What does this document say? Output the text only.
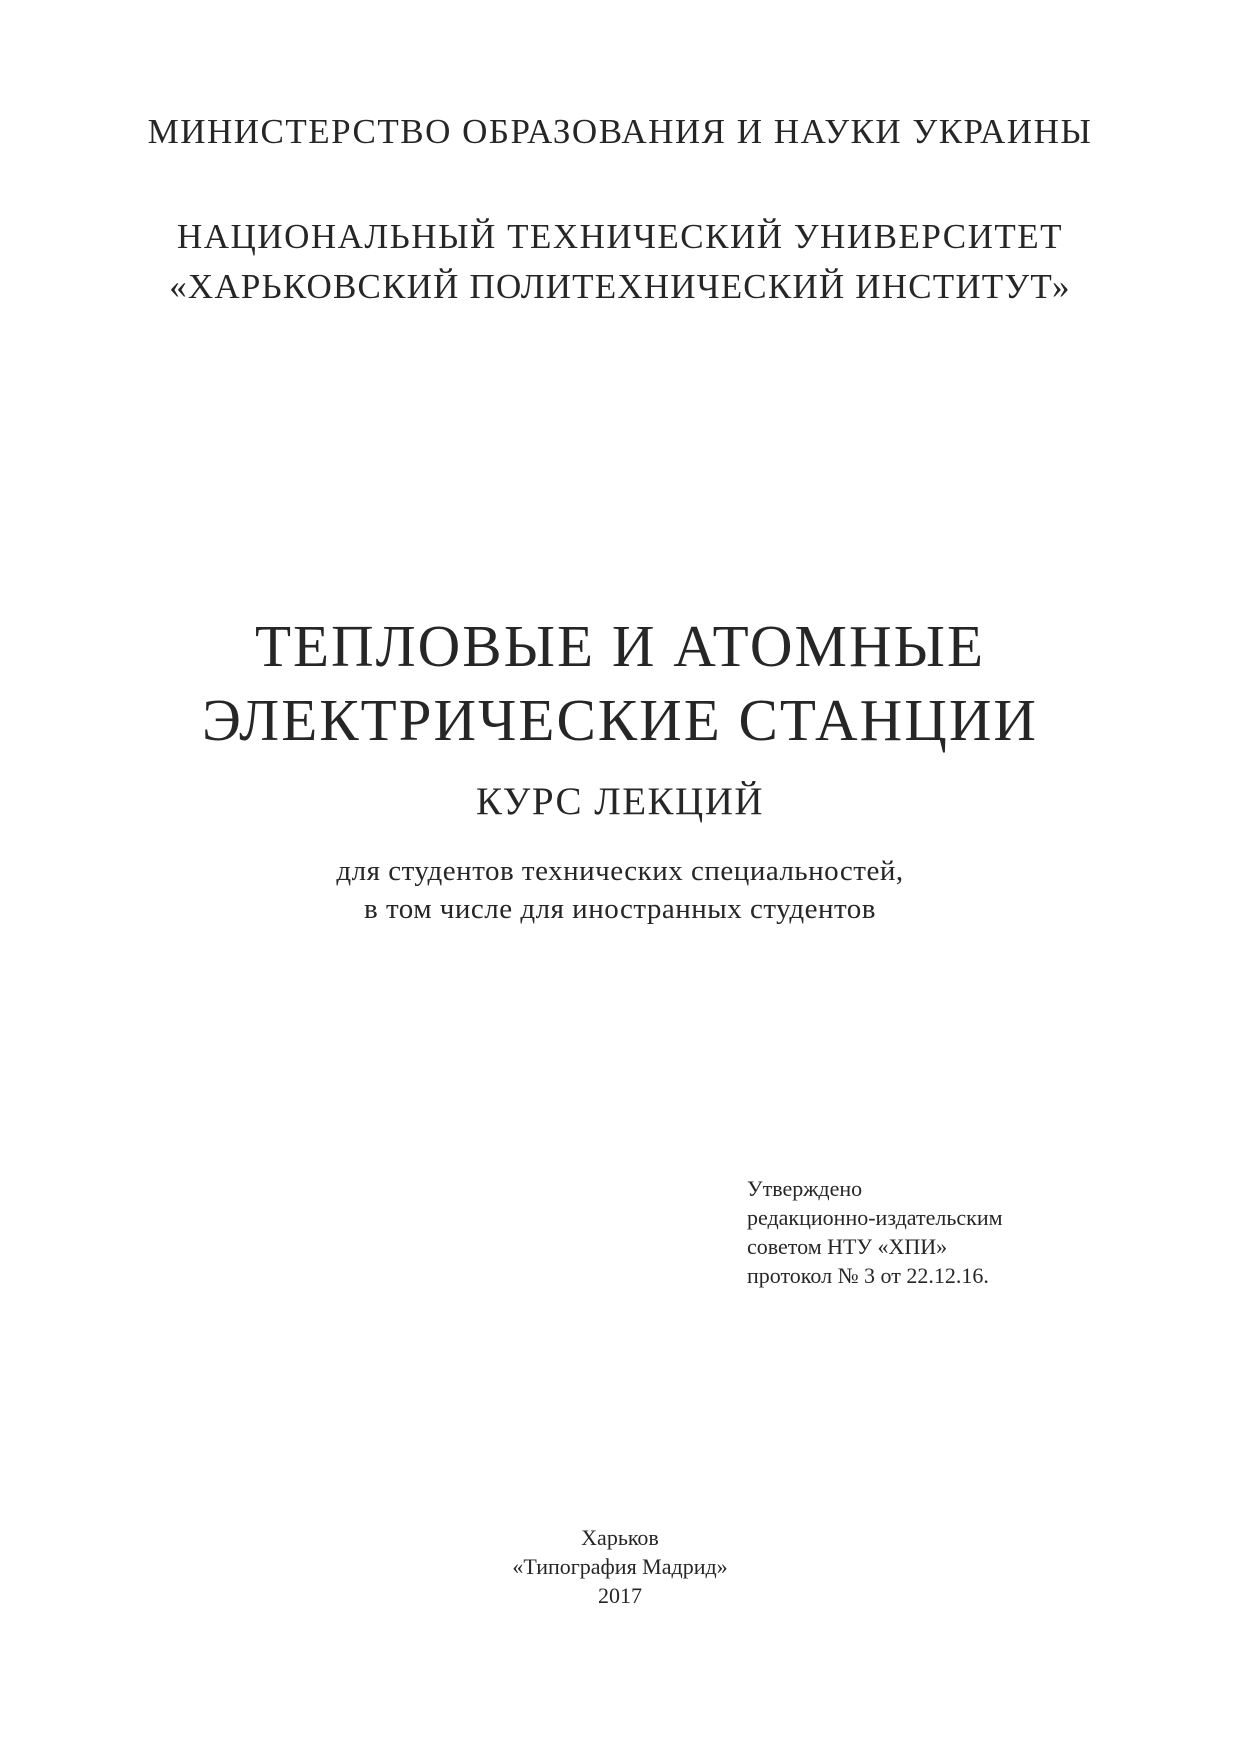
МИНИСТЕРСТВО ОБРАЗОВАНИЯ И НАУКИ УКРАИНЫ
НАЦИОНАЛЬНЫЙ ТЕХНИЧЕСКИЙ УНИВЕРСИТЕТ
«ХАРЬКОВСКИЙ ПОЛИТЕХНИЧЕСКИЙ ИНСТИТУТ»
ТЕПЛОВЫЕ И АТОМНЫЕ
ЭЛЕКТРИЧЕСКИЕ СТАНЦИИ
КУРС ЛЕКЦИЙ
для студентов технических специальностей,
в том числе для иностранных студентов
Утверждено
редакционно-издательским
советом НТУ «ХПИ»
протокол № 3 от 22.12.16.
Харьков
«Типография Мадрид»
2017
